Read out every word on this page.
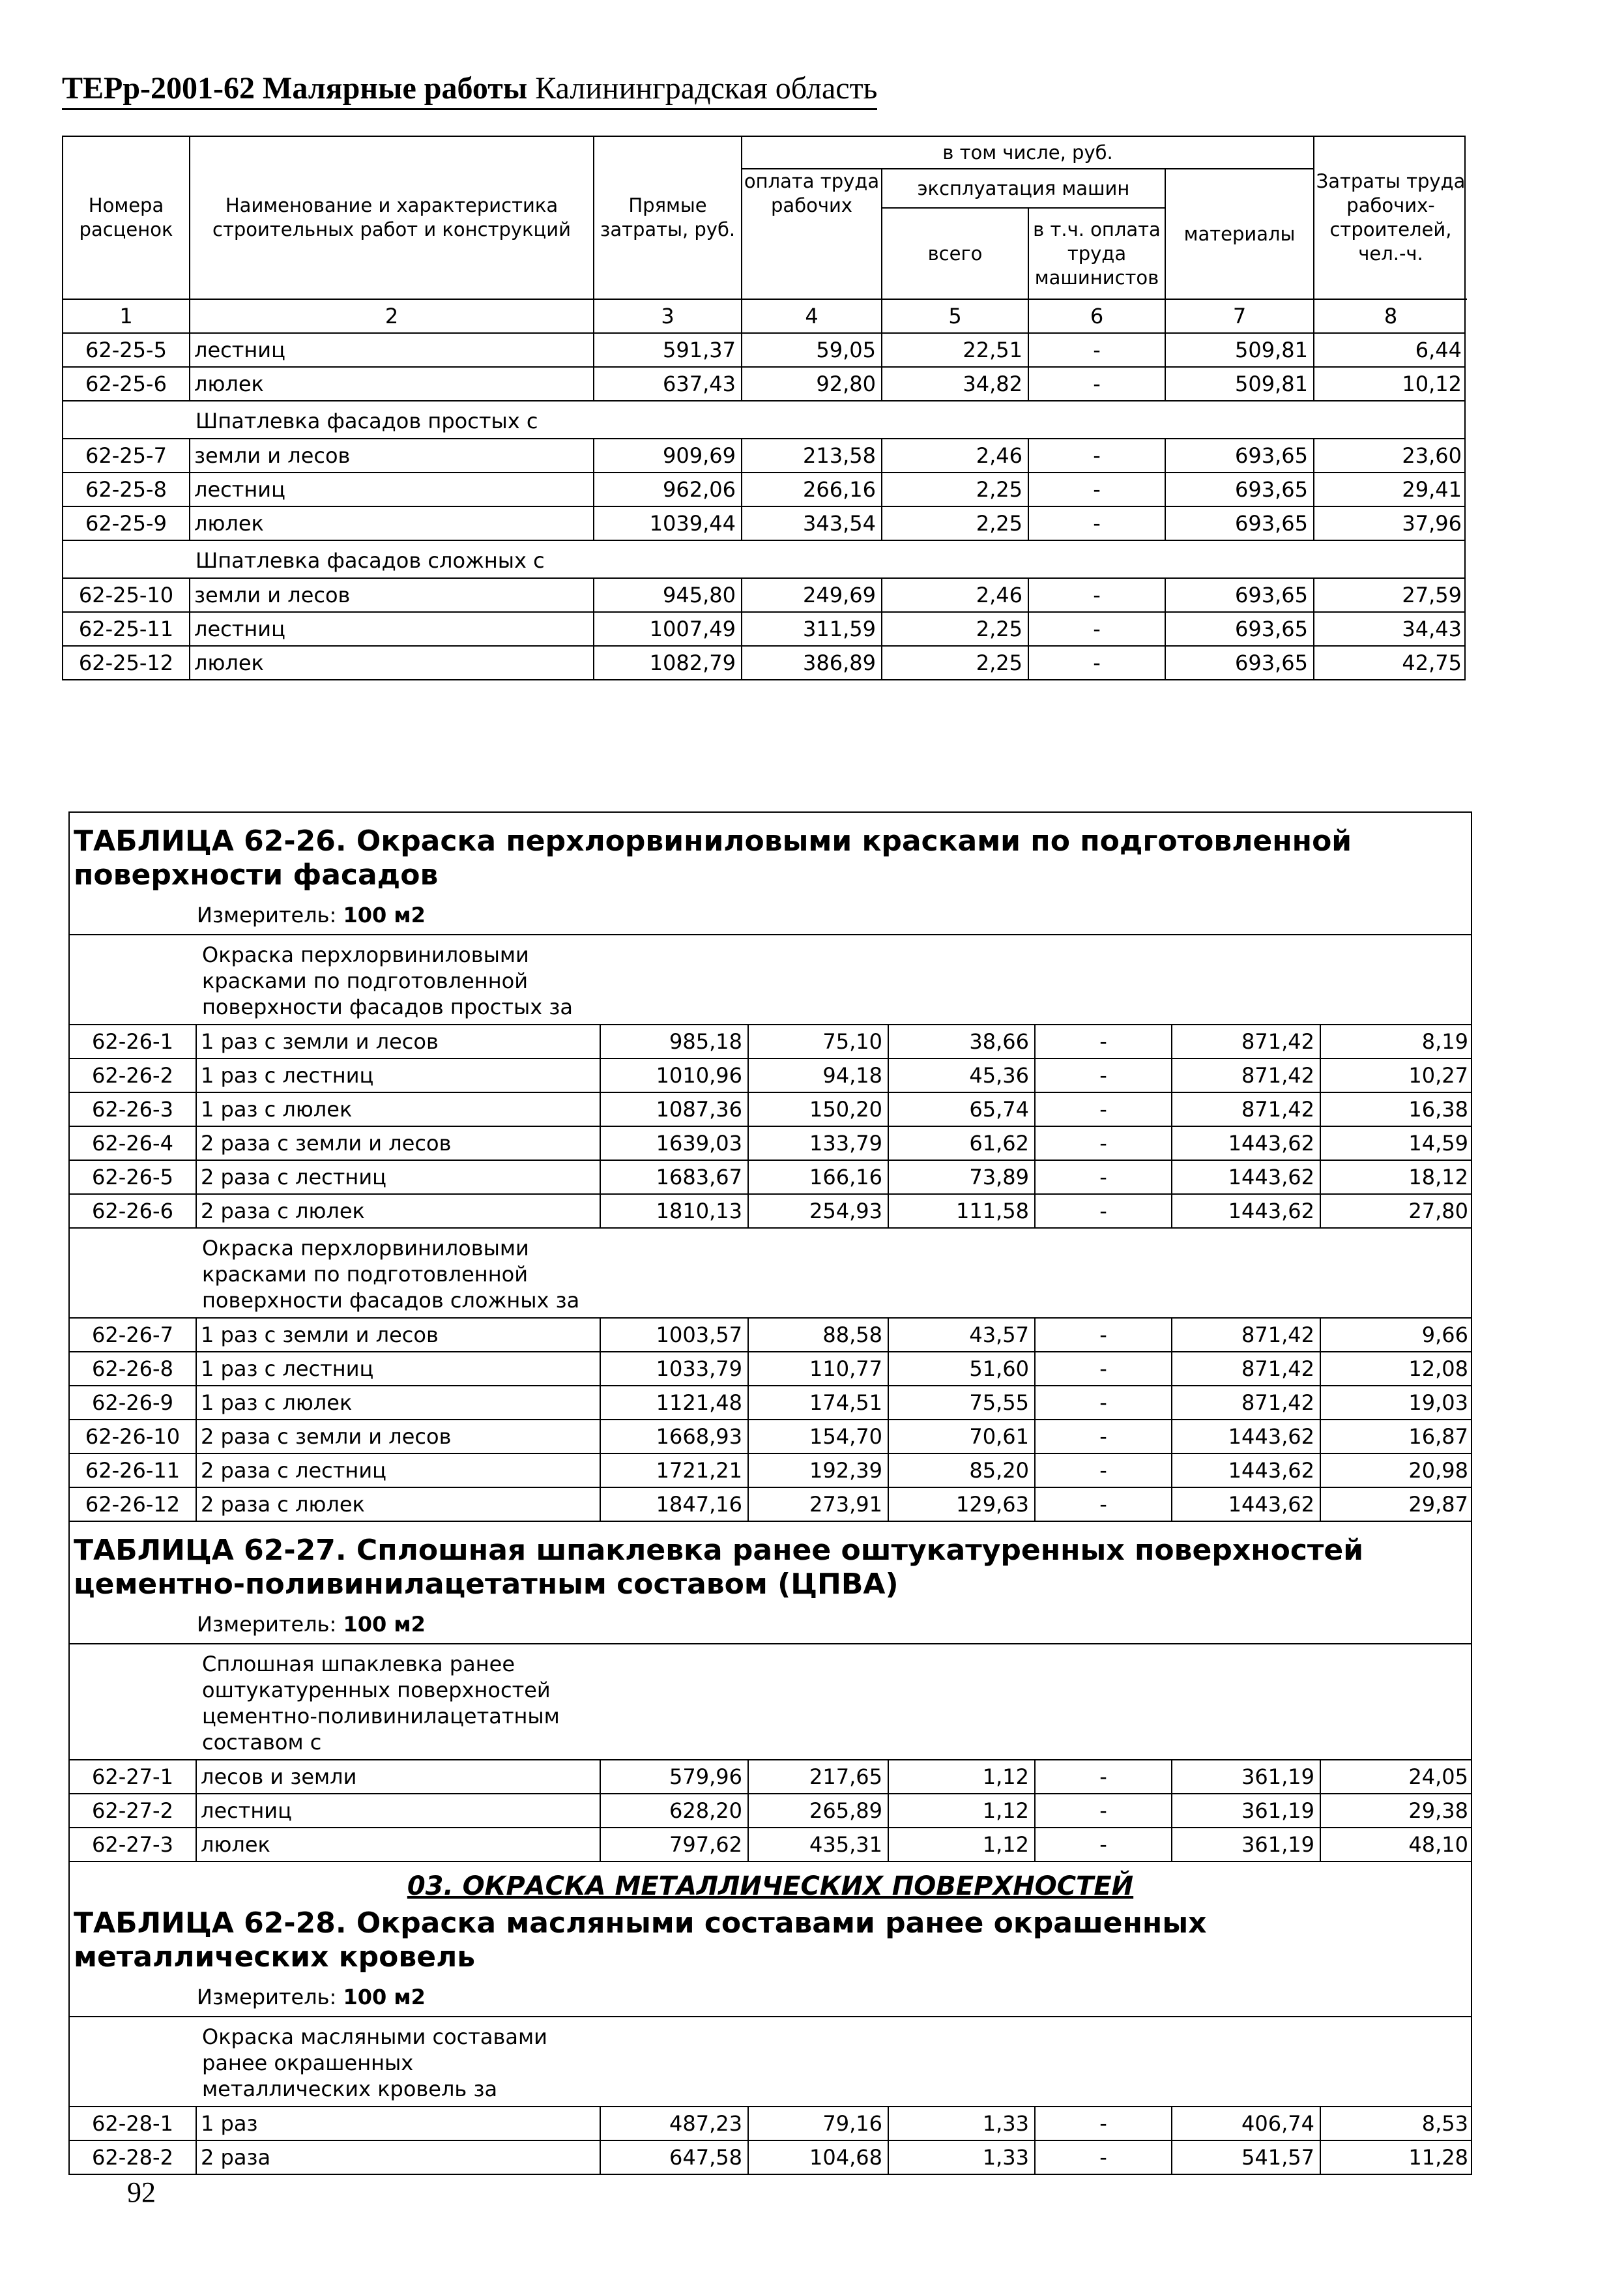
ТЕРр-2001-62 Малярные работы Калининградская область
Номера расценок
Наименование и характеристика строительных работ и конструкций
Прямые затраты, руб.
в том числе, руб.
Затраты труда рабочих-строителей, чел.-ч.
эксплуатация машин
оплата труда рабочих
всего
в т.ч. оплата труда машинистов
материалы
1	2	3	4	5	6	7	8
62-25-5	лестниц	591,37	59,05	22,51	-	509,81	6,44
62-25-6	люлек	637,43	92,80	34,82	-	509,81	10,12
Шпатлевка фасадов простых с
62-25-7	земли и лесов	909,69	213,58	2,46	-	693,65	23,60
62-25-8	лестниц	962,06	266,16	2,25	-	693,65	29,41
62-25-9	люлек	1039,44	343,54	2,25	-	693,65	37,96
Шпатлевка фасадов сложных с
62-25-10 земли и лесов	945,80	249,69	2,46	-	693,65	27,59
62-25-11 лестниц	1007,49	311,59	2,25	-	693,65	34,43
62-25-12 люлек	1082,79	386,89	2,25	-	693,65	42,75
ТАБЛИЦА 62-26. Окраска перхлорвиниловыми красками по подготовленной поверхности фасадов
Измеритель: 100 м2
Окраска перхлорвиниловыми
красками по подготовленной
поверхности фасадов простых за
62-26-1	1 раз с земли и лесов	985,18	75,10	38,66	-	871,42	8,19
62-26-2	1 раз с лестниц	1010,96	94,18	45,36	-	871,42	10,27
62-26-3	1 раз с люлек	1087,36	150,20	65,74	-	871,42	16,38
62-26-4	2 раза с земли и лесов	1639,03	133,79	61,62	-	1443,62	14,59
62-26-5	2 раза с лестниц	1683,67	166,16	73,89	-	1443,62	18,12
62-26-6	2 раза с люлек	1810,13	254,93	111,58	-	1443,62	27,80
Окраска перхлорвиниловыми
красками по подготовленной
поверхности фасадов сложных за
62-26-7	1 раз с земли и лесов	1003,57	88,58	43,57	-	871,42	9,66
62-26-8	1 раз с лестниц	1033,79	110,77	51,60	-	871,42	12,08
62-26-9	1 раз с люлек	1121,48	174,51	75,55	-	871,42	19,03
62-26-10 2 раза с земли и лесов	1668,93	154,70	70,61	-	1443,62	16,87
62-26-11 2 раза с лестниц	1721,21	192,39	85,20	-	1443,62	20,98
62-26-12 2 раза с люлек	1847,16	273,91	129,63	-	1443,62	29,87
ТАБЛИЦА 62-27. Сплошная шпаклевка ранее оштукатуренных поверхностей цементно-поливинилацетатным составом (ЦПВА)
Измеритель: 100 м2
Сплошная шпаклевка ранее
оштукатуренных поверхностей
цементно-поливинилацетатным
составом с
62-27-1	лесов и земли	579,96	217,65	1,12	-	361,19	24,05
62-27-2	лестниц	628,20	265,89	1,12	-	361,19	29,38
62-27-3	люлек	797,62	435,31	1,12	-	361,19	48,10
03. ОКРАСКА МЕТАЛЛИЧЕСКИХ ПОВЕРХНОСТЕЙ
ТАБЛИЦА 62-28. Окраска масляными составами ранее окрашенных металлических кровель
Измеритель: 100 м2
Окраска масляными составами
ранее окрашенных
металлических кровель за
62-28-1	1 раз	487,23	79,16	1,33	-	406,74	8,53
62-28-2	2 раза	647,58	104,68	1,33	-	541,57	11,28
92
